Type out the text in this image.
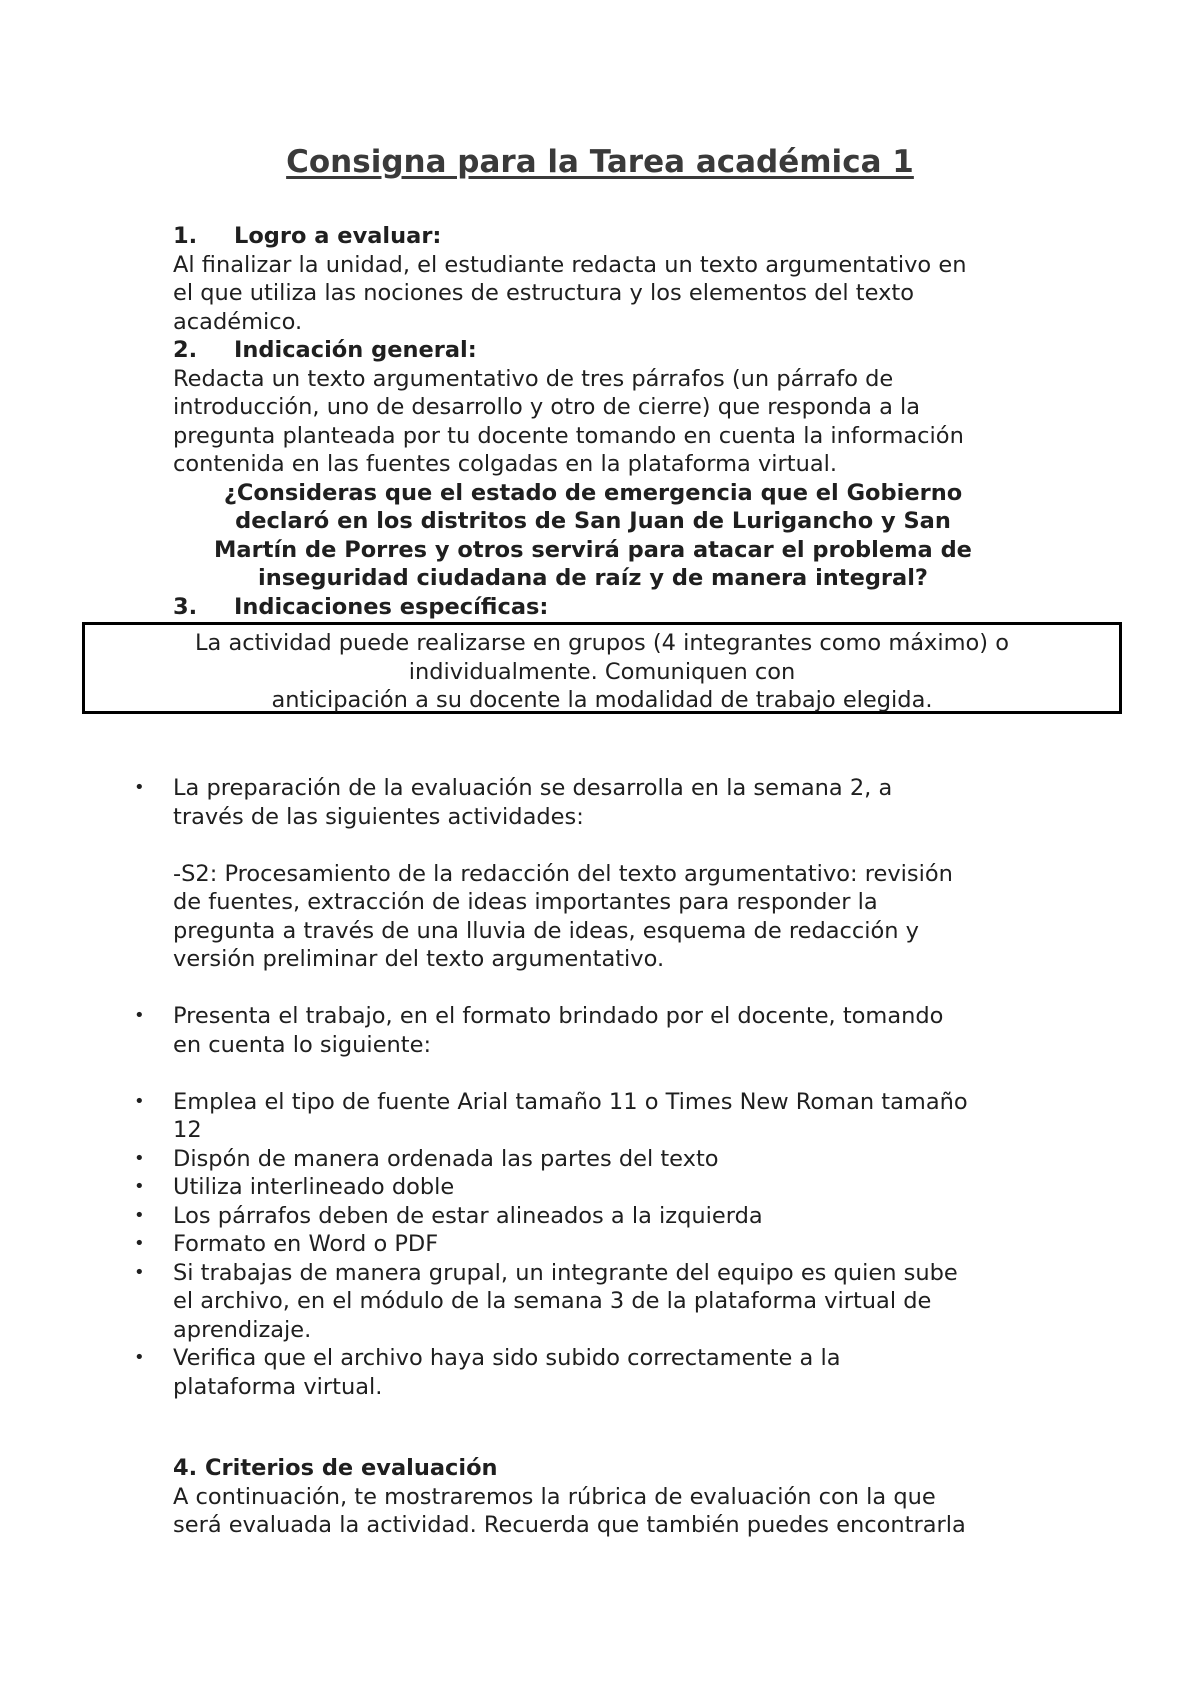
Consigna para la Tarea académica 1

1. Logro a evaluar:

Al finalizar la unidad, el estudiante redacta un texto argumentativo en

el que utiliza las nociones de estructura y los elementos del texto

académico.

2. Indicación general:

Redacta un texto argumentativo de tres párrafos (un párrafo de

introducción, uno de desarrollo y otro de cierre) que responda a la

pregunta planteada por tu docente tomando en cuenta la información

contenida en las fuentes colgadas en la plataforma virtual.

¿Consideras que el estado de emergencia que el Gobierno

declaró en los distritos de San Juan de Lurigancho y San

Martín de Porres y otros servirá para atacar el problema de

inseguridad ciudadana de raíz y de manera integral?

3. Indicaciones específicas:

La actividad puede realizarse en grupos (4 integrantes como máximo) o
individualmente. Comuniquen con
anticipación a su docente la modalidad de trabajo elegida.
• La preparación de la evaluación se desarrolla en la semana 2, a
través de las siguientes actividades:
-S2: Procesamiento de la redacción del texto argumentativo: revisión
de fuentes, extracción de ideas importantes para responder la
pregunta a través de una lluvia de ideas, esquema de redacción y
versión preliminar del texto argumentativo.
• Presenta el trabajo, en el formato brindado por el docente, tomando
en cuenta lo siguiente:
• Emplea el tipo de fuente Arial tamaño 11 o Times New Roman tamaño
12
• Dispón de manera ordenada las partes del texto
• Utiliza interlineado doble
• Los párrafos deben de estar alineados a la izquierda
• Formato en Word o PDF
• Si trabajas de manera grupal, un integrante del equipo es quien sube
el archivo, en el módulo de la semana 3 de la plataforma virtual de
aprendizaje.
• Verifica que el archivo haya sido subido correctamente a la
plataforma virtual.

4. Criterios de evaluación

A continuación, te mostraremos la rúbrica de evaluación con la que

será evaluada la actividad. Recuerda que también puedes encontrarla
